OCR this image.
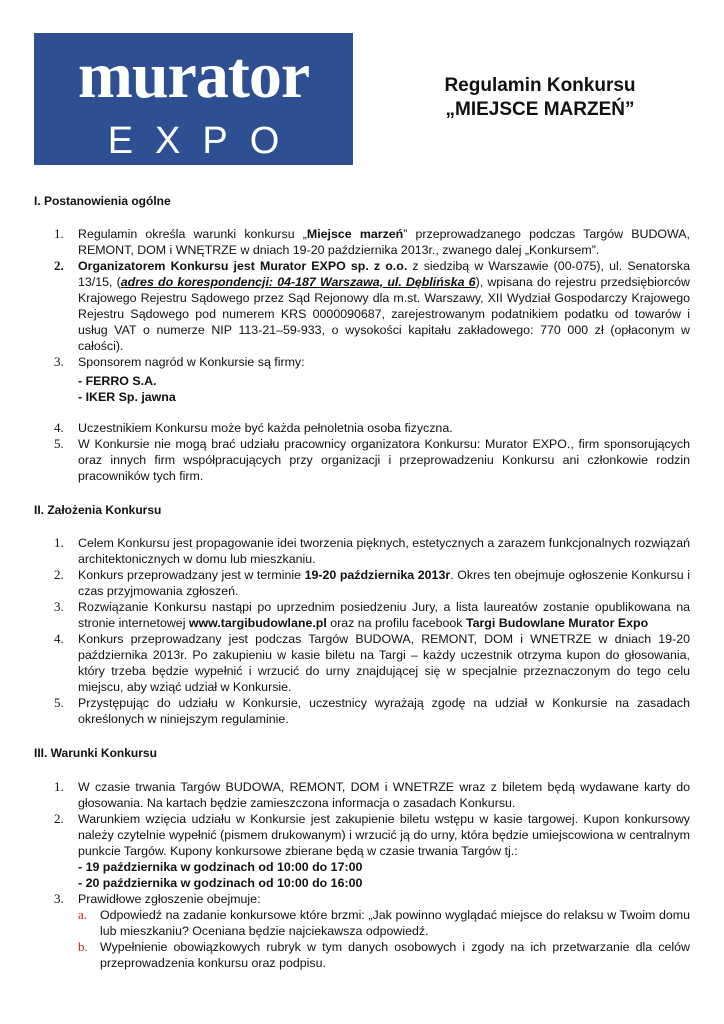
murator
EXPO
Regulamin Konkursu
„MIEJSCE MARZEŃ”
I. Postanowienia ogólne
1. Regulamin określa warunki konkursu „Miejsce marzeń” przeprowadzanego podczas Targów BUDOWA, REMONT, DOM i WNĘTRZE w dniach 19-20 października 2013r., zwanego dalej „Konkursem”.
2. Organizatorem Konkursu jest Murator EXPO sp. z o.o. z siedzibą w Warszawie (00-075), ul. Senatorska 13/15, (adres do korespondencji: 04-187 Warszawa, ul. Dęblińska 6), wpisana do rejestru przedsiębiorców Krajowego Rejestru Sądowego przez Sąd Rejonowy dla m.st. Warszawy, XII Wydział Gospodarczy Krajowego Rejestru Sądowego pod numerem KRS 0000090687, zarejestrowanym podatnikiem podatku od towarów i usług VAT o numerze NIP 113-21–59-933, o wysokości kapitału zakładowego: 770 000 zł (opłaconym w całości).
3. Sponsorem nagród w Konkursie są firmy:
- FERRO S.A.
- IKER Sp. jawna
4. Uczestnikiem Konkursu może być każda pełnoletnia osoba fizyczna.
5. W Konkursie nie mogą brać udziału pracownicy organizatora Konkursu: Murator EXPO., firm sponsorujących oraz innych firm współpracujących przy organizacji i przeprowadzeniu Konkursu ani członkowie rodzin pracowników tych firm.
II. Założenia Konkursu
1. Celem Konkursu jest propagowanie idei tworzenia pięknych, estetycznych a zarazem funkcjonalnych rozwiązań architektonicznych w domu lub mieszkaniu.
2. Konkurs przeprowadzany jest w terminie 19-20 października 2013r. Okres ten obejmuje ogłoszenie Konkursu i czas przyjmowania zgłoszeń.
3. Rozwiązanie Konkursu nastąpi po uprzednim posiedzeniu Jury, a lista laureatów zostanie opublikowana na stronie internetowej www.targibudowlane.pl oraz na profilu facebook Targi Budowlane Murator Expo
4. Konkurs przeprowadzany jest podczas Targów BUDOWA, REMONT, DOM i WNETRZE w dniach 19-20 października 2013r. Po zakupieniu w kasie biletu na Targi – każdy uczestnik otrzyma kupon do głosowania, który trzeba będzie wypełnić i wrzucić do urny znajdującej się w specjalnie przeznaczonym do tego celu miejscu, aby wziąć udział w Konkursie.
5. Przystępując do udziału w Konkursie, uczestnicy wyrażają zgodę na udział w Konkursie na zasadach określonych w niniejszym regulaminie.
III. Warunki Konkursu
1. W czasie trwania Targów BUDOWA, REMONT, DOM i WNETRZE wraz z biletem będą wydawane karty do głosowania. Na kartach będzie zamieszczona informacja o zasadach Konkursu.
2. Warunkiem wzięcia udziału w Konkursie jest zakupienie biletu wstępu w kasie targowej. Kupon konkursowy należy czytelnie wypełnić (pismem drukowanym) i wrzucić ją do urny, która będzie umiejscowiona w centralnym punkcie Targów. Kupony konkursowe zbierane będą w czasie trwania Targów tj.:
- 19 października w godzinach od 10:00 do 17:00
- 20 października w godzinach od 10:00 do 16:00
3. Prawidłowe zgłoszenie obejmuje:
a. Odpowiedź na zadanie konkursowe które brzmi: „Jak powinno wyglądać miejsce do relaksu w Twoim domu lub mieszkaniu? Oceniana będzie najciekawsza odpowiedź.
b. Wypełnienie obowiązkowych rubryk w tym danych osobowych i zgody na ich przetwarzanie dla celów przeprowadzenia konkursu oraz podpisu.
